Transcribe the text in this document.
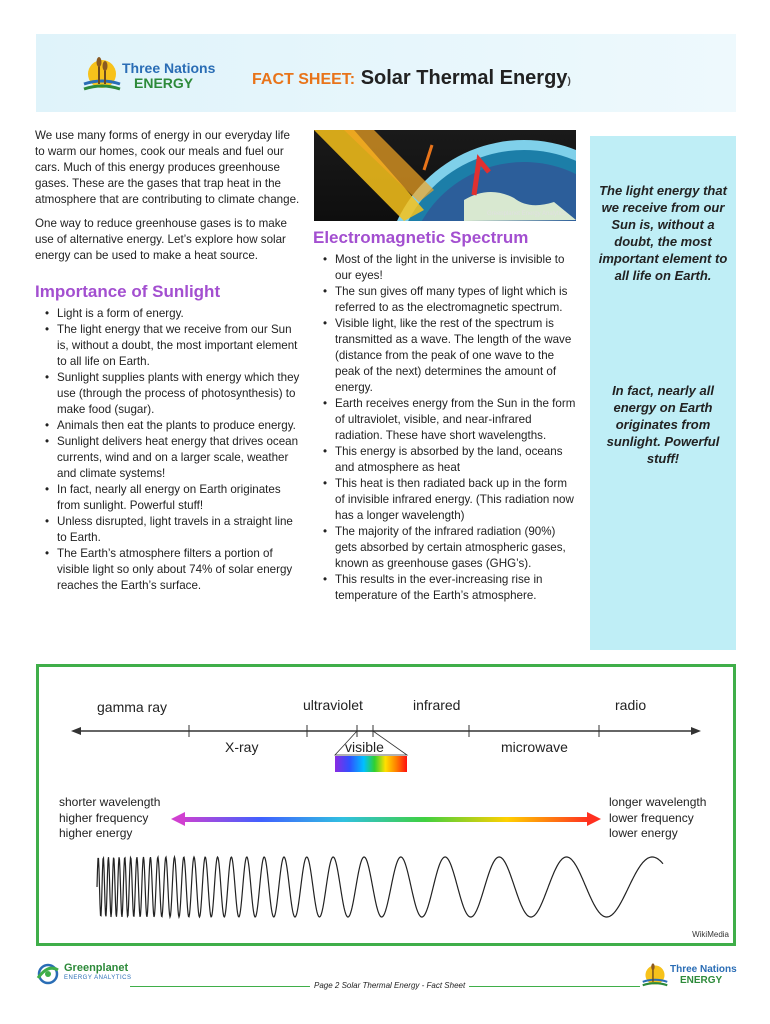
Three Nations
ENERGY	FACT SHEET: Solar Thermal Energy)

We use many forms of energy in our everyday life to warm our homes, cook our meals and fuel our cars. Much of this energy produces greenhouse gases. These are the gases that trap heat in the atmosphere that are contributing to climate change.

One way to reduce greenhouse gases is to make use of alternative energy. Let’s explore how solar energy can be used to make a heat source.

Importance of Sunlight
• Light is a form of energy.
• The light energy that we receive from our Sun is, without a doubt, the most important element to all life on Earth.
• Sunlight supplies plants with energy which they use (through the process of photosynthesis) to make food (sugar).
• Animals then eat the plants to produce energy.
• Sunlight delivers heat energy that drives ocean currents, wind and on a larger scale, weather and climate systems!
• In fact, nearly all energy on Earth originates from sunlight. Powerful stuff!
• Unless disrupted, light travels in a straight line to Earth.
• The Earth’s atmosphere filters a portion of visible light so only about 74% of solar energy reaches the Earth’s surface.
Greenplanet Energy Analytics
Electromagnetic Spectrum
• Most of the light in the universe is invisible to our eyes!
• The sun gives off many types of light which is referred to as the electromagnetic spectrum.
• Visible light, like the rest of the spectrum is transmitted as a wave. The length of the wave (distance from the peak of one wave to the peak of the next) determines the amount of energy.
• Earth receives energy from the Sun in the form of ultraviolet, visible, and near-infrared radiation. These have short wavelengths.
• This energy is absorbed by the land, oceans and atmosphere as heat
• This heat is then radiated back up in the form of invisible infrared energy. (This radiation now has a longer wavelength)
• The majority of the infrared radiation (90%) gets absorbed by certain atmospheric gases, known as greenhouse gases (GHG’s).
• This results in the ever-increasing rise in temperature of the Earth’s atmosphere.
The light energy that we receive from our Sun is, without a doubt, the most important element to all life on Earth.
In fact, nearly all energy on Earth originates from sunlight. Powerful stuff!
gamma ray	ultraviolet	infrared	radio
X-ray	visible	microwave
shorter wavelength
higher frequency
higher energy
longer wavelength
lower frequency
lower energy
WikiMedia
Greenplanet
ENERGY ANALYTICS
Page 2 Solar Thermal Energy - Fact Sheet
Three Nations
ENERGY
